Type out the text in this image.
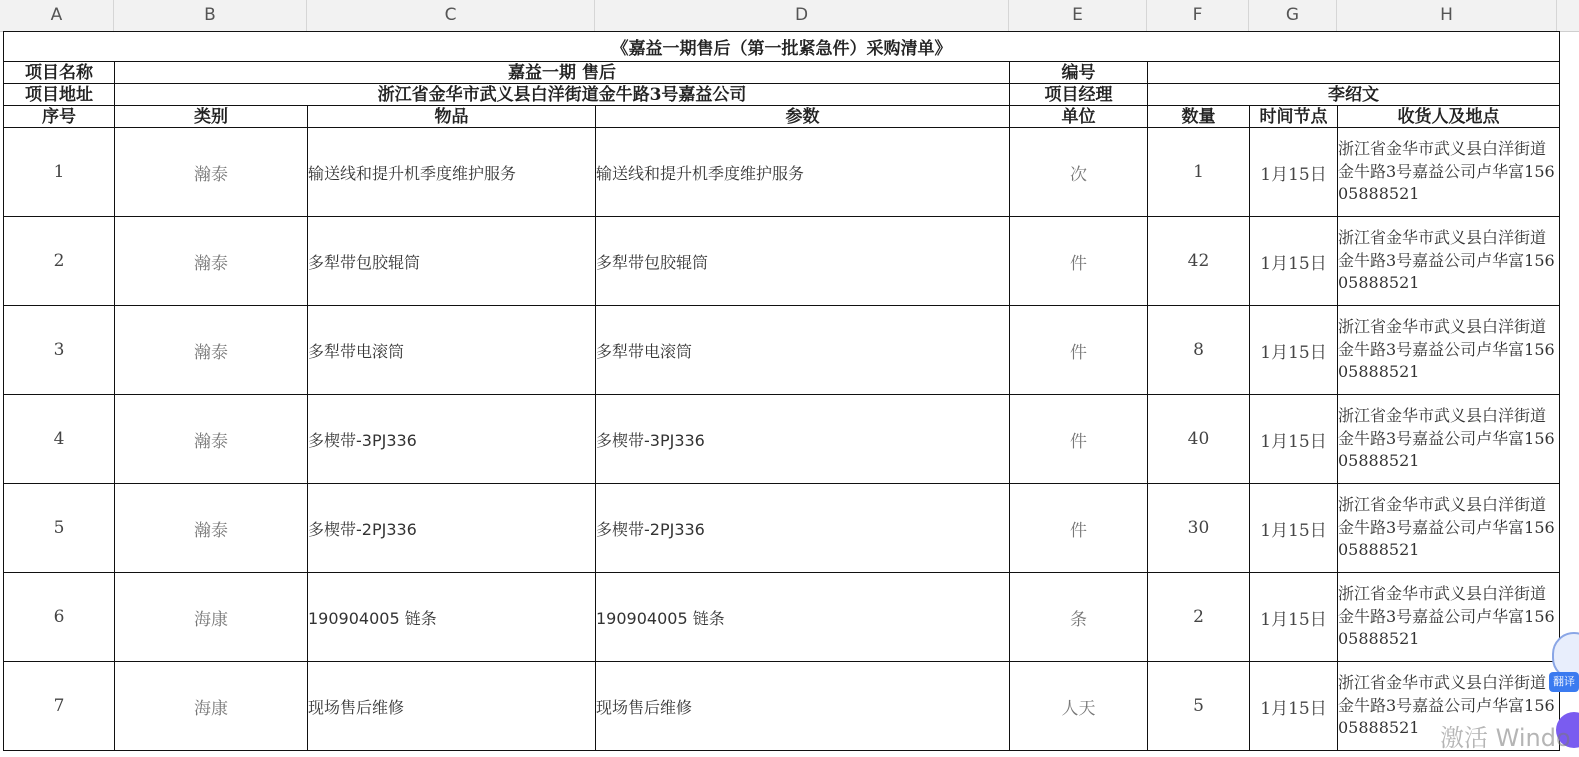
A	B	C	D	E	F	G	H
《嘉益一期售后（第一批紧急件）采购清单》							
项目名称	嘉益一期 售后			编号			
项目地址	浙江省金华市武义县白洋街道金牛路3号嘉益公司			项目经理	李绍文		
序号	类别	物品	参数	单位	数量	时间节点	收货人及地点
1	瀚泰	输送线和提升机季度维护服务	输送线和提升机季度维护服务	次	1	1月15日	浙江省金华市武义县白洋街道金牛路3号嘉益公司卢华富15605888521
2	瀚泰	多犁带包胶辊筒	多犁带包胶辊筒	件	42	1月15日	浙江省金华市武义县白洋街道金牛路3号嘉益公司卢华富15605888521
3	瀚泰	多犁带电滚筒	多犁带电滚筒	件	8	1月15日	浙江省金华市武义县白洋街道金牛路3号嘉益公司卢华富15605888521
4	瀚泰	多楔带-3PJ336	多楔带-3PJ336	件	40	1月15日	浙江省金华市武义县白洋街道金牛路3号嘉益公司卢华富15605888521
5	瀚泰	多楔带-2PJ336	多楔带-2PJ336	件	30	1月15日	浙江省金华市武义县白洋街道金牛路3号嘉益公司卢华富15605888521
6	海康	190904005 链条	190904005 链条	条	2	1月15日	浙江省金华市武义县白洋街道金牛路3号嘉益公司卢华富15605888521
7	海康	现场售后维修	现场售后维修	人天	5	1月15日	浙江省金华市武义县白洋街道金牛路3号嘉益公司卢华富15605888521
翻译
激活 Windo
